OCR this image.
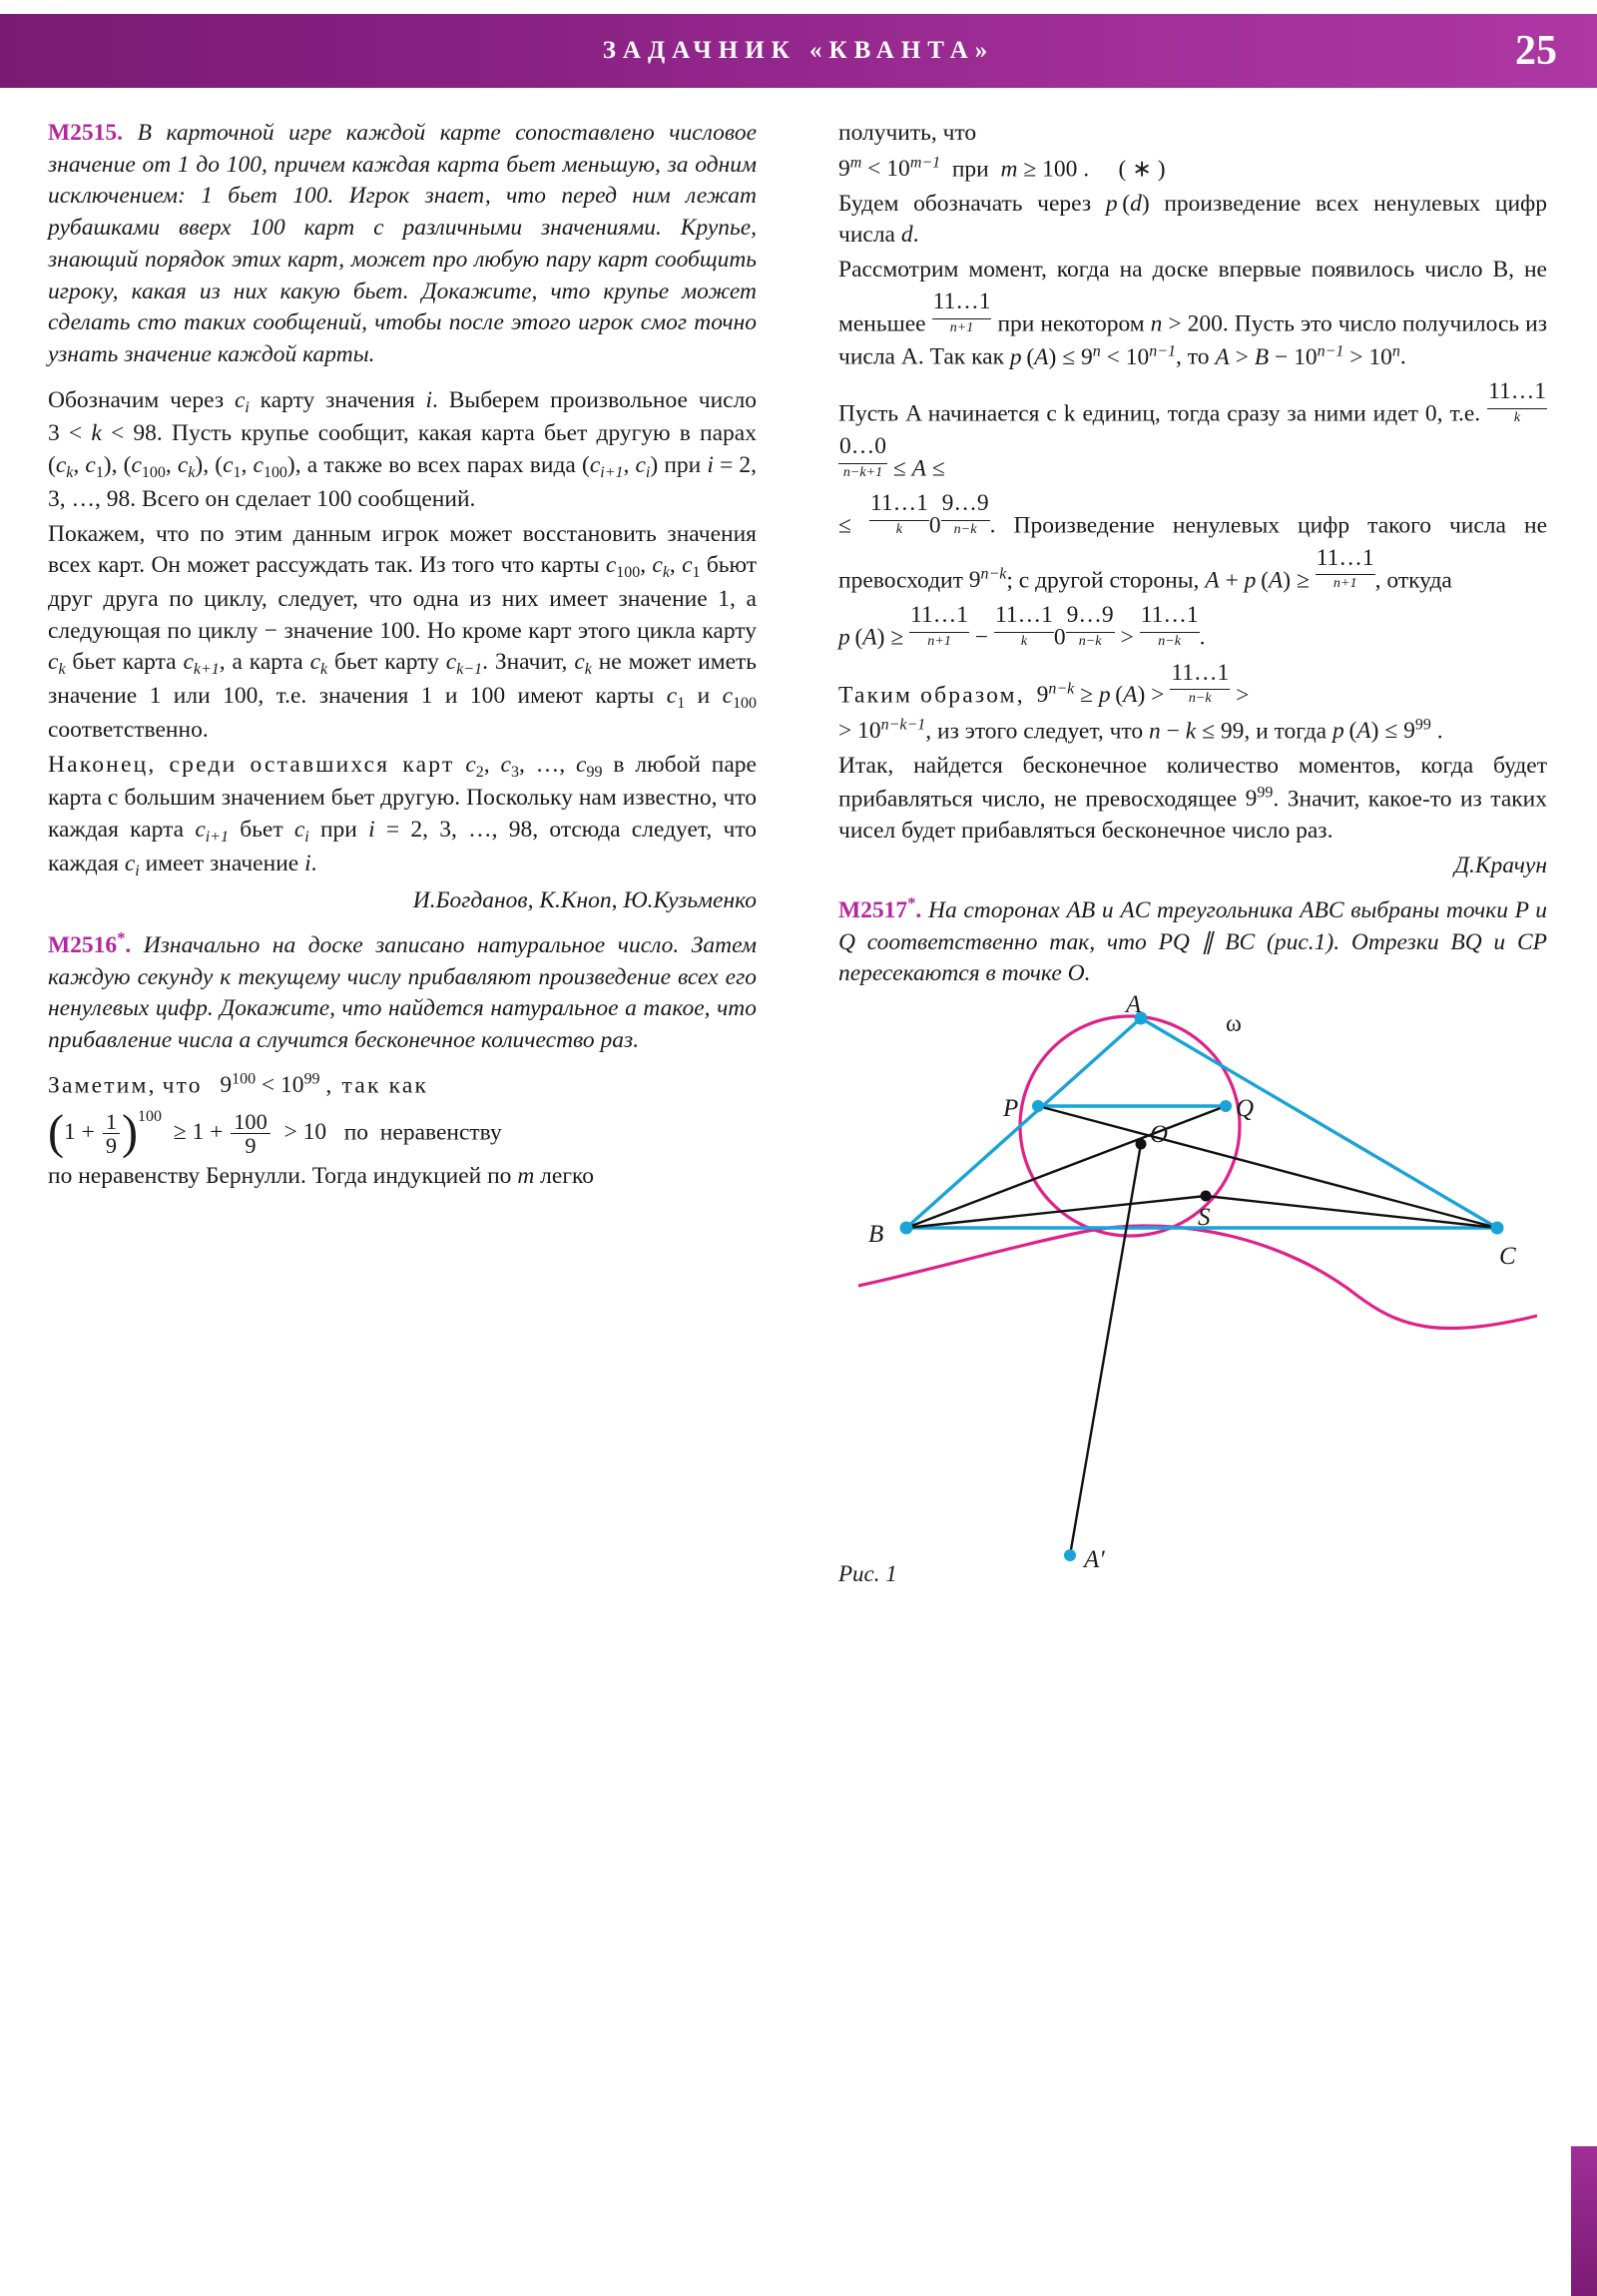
ЗАДАЧНИК «КВАНТА»	25

M2515. В карточной игре каждой карте сопоставлено числовое значение от 1 до 100, причем каждая карта бьет меньшую, за одним исключением: 1 бьет 100. Игрок знает, что перед ним лежат рубашками вверх 100 карт с различными значениями. Крупье, знающий порядок этих карт, может про любую пару карт сообщить игроку, какая из них какую бьет. Докажите, что крупье может сделать сто таких сообщений, чтобы после этого игрок смог точно узнать значение каждой карты.

Обозначим через $c_i$ карту значения i. Выберем произвольное число 3 < k < 98. Пусть крупье сообщит, какая карта бьет другую в парах ($c_k$, $c_1$), ($c_{100}$, $c_k$), ($c_1$, $c_{100}$), а также во всех парах вида ($c_{i+1}$, $c_i$) при i = 2, 3, …, 98. Всего он сделает 100 сообщений.

Покажем, что по этим данным игрок может восстановить значения всех карт. Он может рассуждать так. Из того что карты $c_{100}$, $c_k$, $c_1$ бьют друг друга по циклу, следует, что одна из них имеет значение 1, а следующая по циклу − значение 100. Но кроме карт этого цикла карту $c_k$ бьет карта $c_{k+1}$, а карта $c_k$ бьет карту $c_{k-1}$. Значит, $c_k$ не может иметь значение 1 или 100, т.е. значения 1 и 100 имеют карты $c_1$ и $c_{100}$ соответственно.

Наконец, среди оставшихся карт $c_2$, $c_3$, …, $c_{99}$ в любой паре карта с большим значением бьет другую. Поскольку нам известно, что каждая карта $c_{i+1}$ бьет $c_i$ при i = 2, 3, …, 98, отсюда следует, что каждая $c_i$ имеет значение i.

И.Богданов, К.Кноп, Ю.Кузьменко

M2516*. Изначально на доске записано натуральное число. Затем каждую секунду к текущему числу прибавляют произведение всех его ненулевых цифр. Докажите, что найдется натуральное a такое, что прибавление числа a случится бесконечное количество раз.

Заметим, что $9^{100} < 10^{99}$ , так как

$(1 + \frac{1}{9} )^{100} \ge 1 + \frac{100}{9} > 10$   по  неравенству

по неравенству Бернулли. Тогда индукцией по m легко

получить, что

$9^m < 10^{m-1}$ при m ≥ 100 .     ( ∗ )

Будем обозначать через p (d) произведение всех ненулевых цифр числа d.

Рассмотрим момент, когда на доске впервые появилось число B, не меньшее
11…1
n+1	при некотором n > 200. Пусть это число получилось из числа A. Так как p $(A) \le 9^n < 10^{n-1}$, то $A > B - 10^{n-1} > 10^n$.

Пусть A начинается с k единиц, тогда сразу за ними идет 0, т.е.
11…1
k
0…0
n−k+1 ≤ A ≤

≤
11…1
k	0
9…9
n−k . Произведение ненулевых цифр такого числа не превосходит $9^{n-k}$; с другой стороны, A + p (A) ≥
11…1
n+1 , откуда

p (A) ≥
11…1
n+1	−
11…1
k	0
9…9
n−k >
11…1
n−k .

Таким образом, $9^{n-k} \ge p$ (A) >
11…1
n−k	>

> $10^{n-k-1}$, из этого следует, что n − k ≤ 99, и тогда p $(A) \le 9^{99}$ .

Итак, найдется бесконечное количество моментов, когда будет прибавляться число, не превосходящее $9^{99}$. Значит, какое-то из таких чисел будет прибавляться бесконечное число раз.

Д.Крачун

M2517*. На сторонах AB и AC треугольника ABC выбраны точки P и Q соответственно так, что PQ ∥ BC (рис.1). Отрезки BQ и CP пересекаются в точке O.

A
ω
P	Q
O
S
B
C
A′
Рис. 1
